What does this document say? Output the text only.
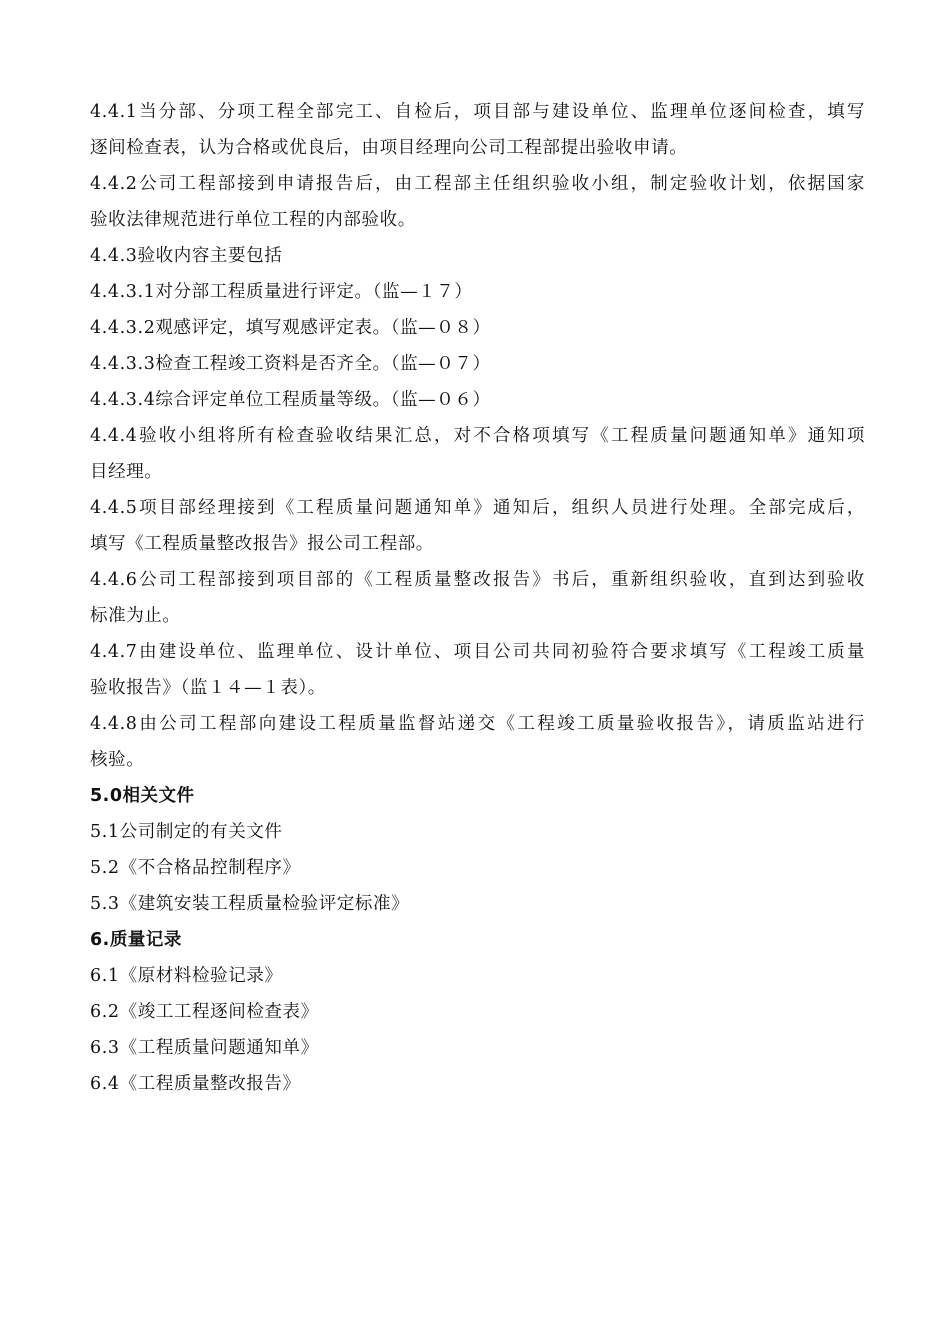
4.4.1当分部、分项工程全部完工、自检后，项目部与建设单位、监理单位逐间检查，填写
逐间检查表，认为合格或优良后，由项目经理向公司工程部提出验收申请。
4.4.2公司工程部接到申请报告后，由工程部主任组织验收小组，制定验收计划，依据国家
验收法律规范进行单位工程的内部验收。
4.4.3验收内容主要包括
4.4.3.1对分部工程质量进行评定。（监—１７）
4.4.3.2观感评定，填写观感评定表。（监—０８）
4.4.3.3检查工程竣工资料是否齐全。（监—０７）
4.4.3.4综合评定单位工程质量等级。（监—０６）
4.4.4验收小组将所有检查验收结果汇总，对不合格项填写《工程质量问题通知单》通知项
目经理。
4.4.5项目部经理接到《工程质量问题通知单》通知后，组织人员进行处理。全部完成后，
填写《工程质量整改报告》报公司工程部。
4.4.6公司工程部接到项目部的《工程质量整改报告》书后，重新组织验收，直到达到验收
标准为止。
4.4.7由建设单位、监理单位、设计单位、项目公司共同初验符合要求填写《工程竣工质量
验收报告》（监１４—１表）。
4.4.8由公司工程部向建设工程质量监督站递交《工程竣工质量验收报告》，请质监站进行
核验。
5.0相关文件
5.1公司制定的有关文件
5.2《不合格品控制程序》
5.3《建筑安装工程质量检验评定标准》
6.质量记录
6.1《原材料检验记录》
6.2《竣工工程逐间检查表》
6.3《工程质量问题通知单》
6.4《工程质量整改报告》
